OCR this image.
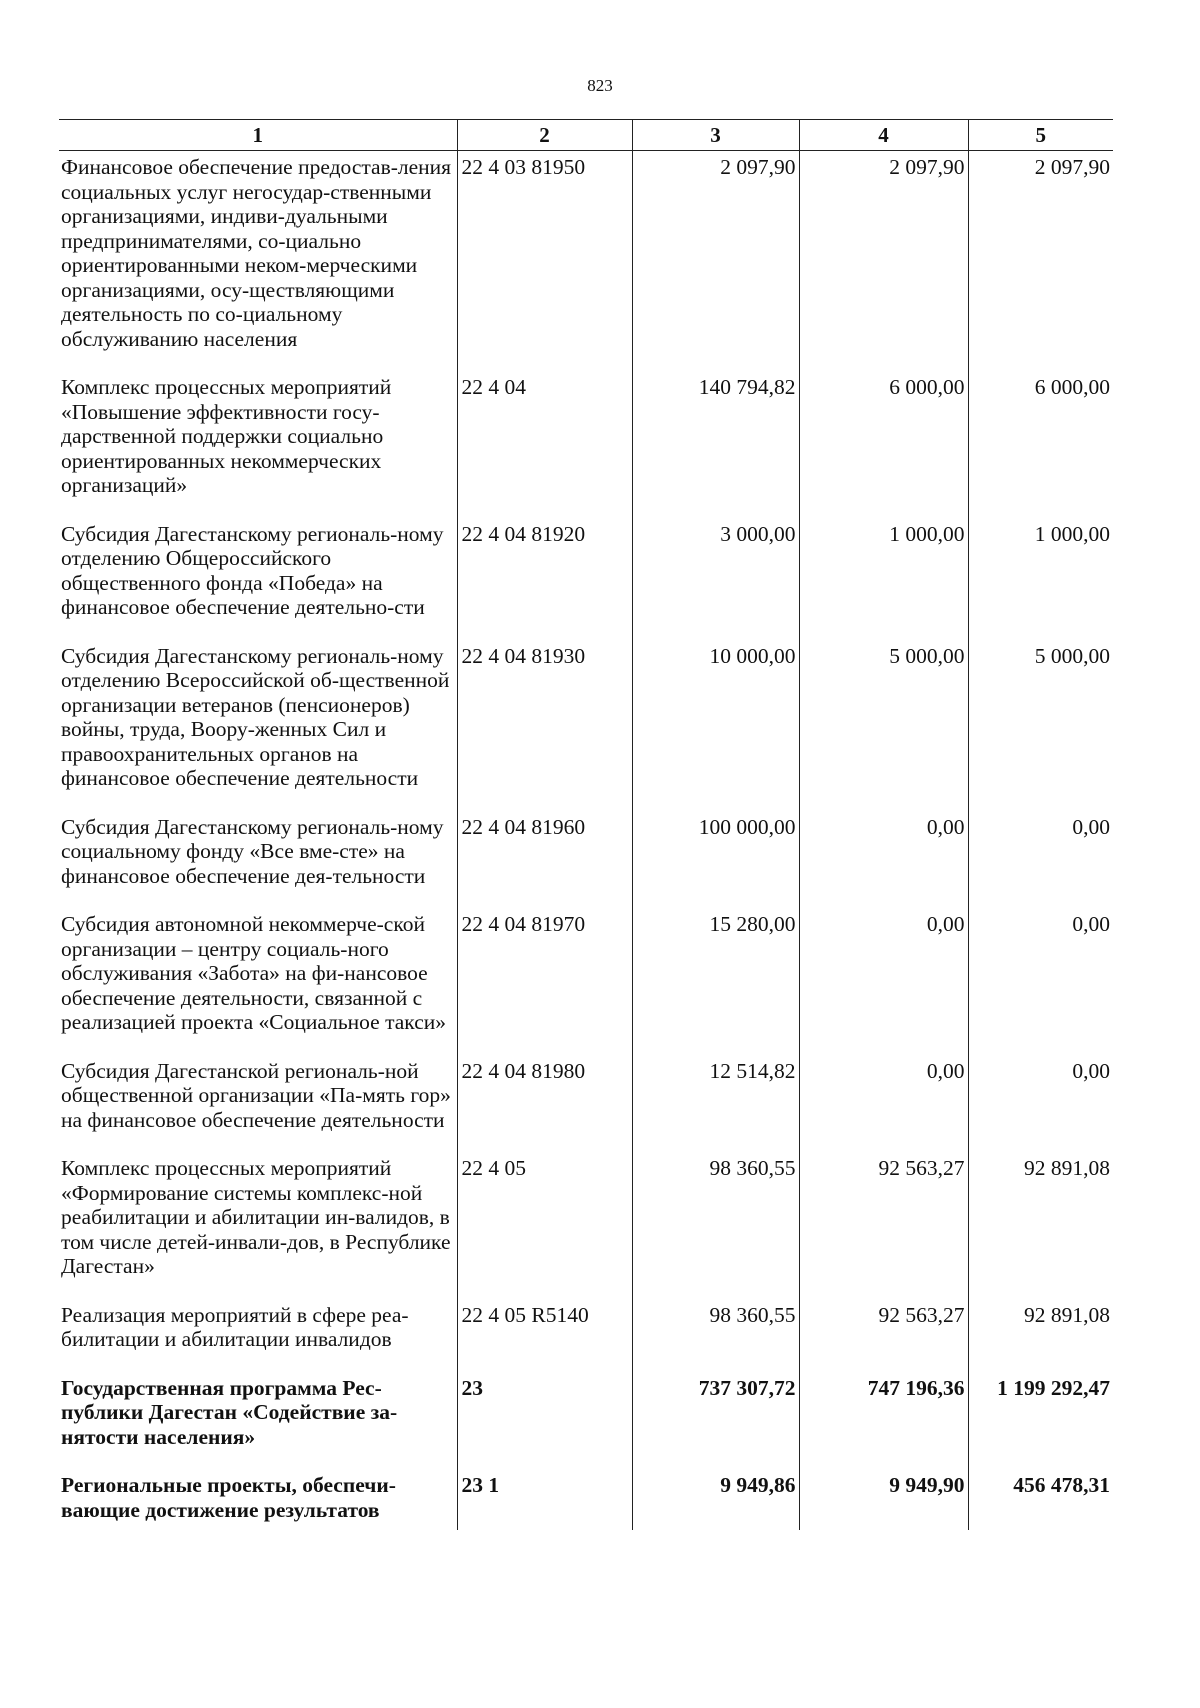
823
1	2	3	4	5
Финансовое обеспечение предостав-ления социальных услуг негосудар-ственными организациями, индиви-дуальными предпринимателями, со-циально ориентированными неком-мерческими организациями, осу-ществляющими деятельность по со-циальному обслуживанию населения	22 4 03 81950	2 097,90	2 097,90	2 097,90
Комплекс процессных мероприятий «Повышение эффективности госу-дарственной поддержки социально ориентированных некоммерческих организаций»	22 4 04	140 794,82	6 000,00	6 000,00
Субсидия Дагестанскому региональ-ному отделению Общероссийского общественного фонда «Победа» на финансовое обеспечение деятельно-сти	22 4 04 81920	3 000,00	1 000,00	1 000,00
Субсидия Дагестанскому региональ-ному отделению Всероссийской об-щественной организации ветеранов (пенсионеров) войны, труда, Воору-женных Сил и правоохранительных органов на финансовое обеспечение деятельности	22 4 04 81930	10 000,00	5 000,00	5 000,00
Субсидия Дагестанскому региональ-ному социальному фонду «Все вме-сте» на финансовое обеспечение дея-тельности	22 4 04 81960	100 000,00	0,00	0,00
Субсидия автономной некоммерче-ской организации – центру социаль-ного обслуживания «Забота» на фи-нансовое обеспечение деятельности, связанной с реализацией проекта «Социальное такси»	22 4 04 81970	15 280,00	0,00	0,00
Субсидия Дагестанской региональ-ной общественной организации «Па-мять гор» на финансовое обеспечение деятельности	22 4 04 81980	12 514,82	0,00	0,00
Комплекс процессных мероприятий «Формирование системы комплекс-ной реабилитации и абилитации ин-валидов, в том числе детей-инвали-дов, в Республике Дагестан»	22 4 05	98 360,55	92 563,27	92 891,08
Реализация мероприятий в сфере реа-билитации и абилитации инвалидов	22 4 05 R5140	98 360,55	92 563,27	92 891,08
Государственная программа Рес-публики Дагестан «Содействие за-нятости населения»	23	737 307,72	747 196,36	1 199 292,47
Региональные проекты, обеспечи-вающие достижение результатов	23 1	9 949,86	9 949,90	456 478,31
